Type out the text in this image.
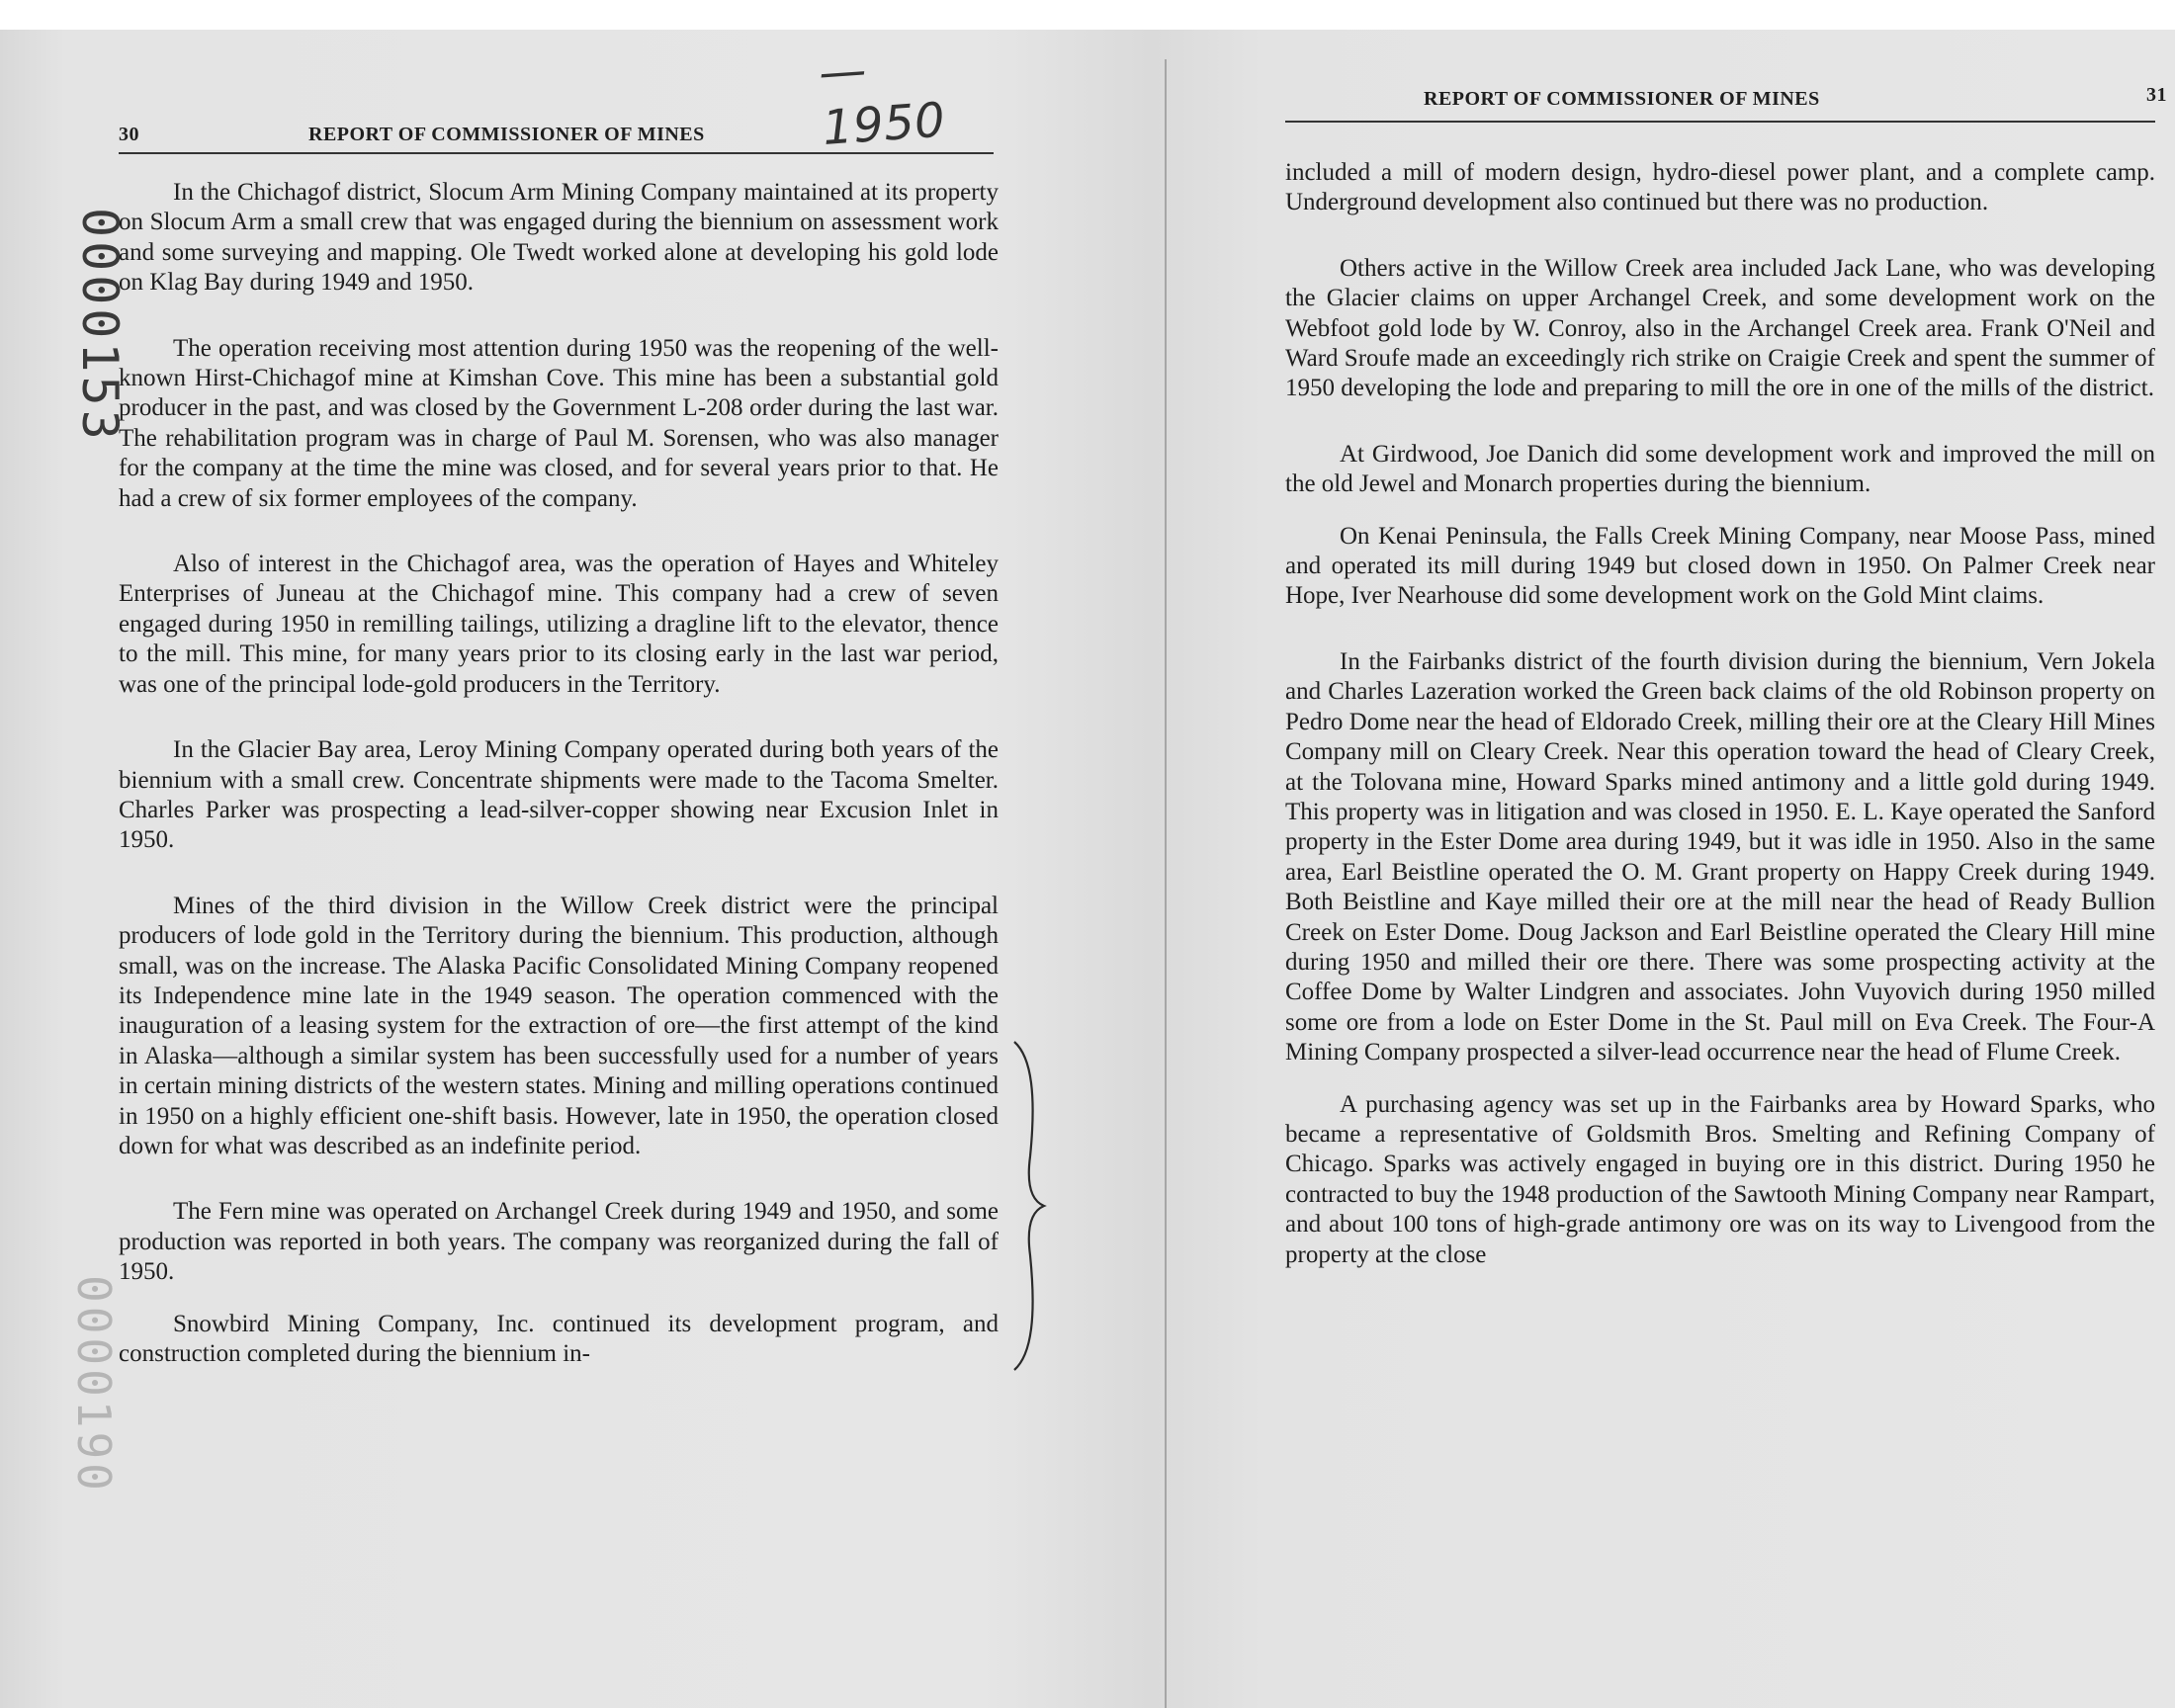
0000153
0000190
30	REPORT OF COMMISSIONER OF MINES
— 1950

In the Chichagof district, Slocum Arm Mining Company maintained at its property on Slocum Arm a small crew that was engaged during the biennium on assessment work and some surveying and mapping. Ole Twedt worked alone at developing his gold lode on Klag Bay during 1949 and 1950.

The operation receiving most attention during 1950 was the reopening of the well-known Hirst-Chichagof mine at Kimshan Cove. This mine has been a substantial gold producer in the past, and was closed by the Government L-208 order during the last war. The rehabilitation program was in charge of Paul M. Sorensen, who was also manager for the company at the time the mine was closed, and for several years prior to that. He had a crew of six former employees of the company.

Also of interest in the Chichagof area, was the operation of Hayes and Whiteley Enterprises of Juneau at the Chichagof mine. This company had a crew of seven engaged during 1950 in remilling tailings, utilizing a dragline lift to the elevator, thence to the mill. This mine, for many years prior to its closing early in the last war period, was one of the principal lode-gold producers in the Territory.

In the Glacier Bay area, Leroy Mining Company operated during both years of the biennium with a small crew. Concentrate shipments were made to the Tacoma Smelter. Charles Parker was prospecting a lead-silver-copper showing near Excusion Inlet in 1950.

Mines of the third division in the Willow Creek district were the principal producers of lode gold in the Territory during the biennium. This production, although small, was on the increase. The Alaska Pacific Consolidated Mining Company reopened its Independence mine late in the 1949 season. The operation commenced with the inauguration of a leasing system for the extraction of ore—the first attempt of the kind in Alaska—although a similar system has been successfully used for a number of years in certain mining districts of the western states. Mining and milling operations continued in 1950 on a highly efficient one-shift basis. However, late in 1950, the operation closed down for what was described as an indefinite period.

The Fern mine was operated on Archangel Creek during 1949 and 1950, and some production was reported in both years. The company was reorganized during the fall of 1950.

Snowbird Mining Company, Inc. continued its development program, and construction completed during the biennium in-

REPORT OF COMMISSIONER OF MINES	31

included a mill of modern design, hydro-diesel power plant, and a complete camp. Underground development also continued but there was no production.

Others active in the Willow Creek area included Jack Lane, who was developing the Glacier claims on upper Archangel Creek, and some development work on the Webfoot gold lode by W. Conroy, also in the Archangel Creek area. Frank O'Neil and Ward Sroufe made an exceedingly rich strike on Craigie Creek and spent the summer of 1950 developing the lode and preparing to mill the ore in one of the mills of the district.

At Girdwood, Joe Danich did some development work and improved the mill on the old Jewel and Monarch properties during the biennium.

On Kenai Peninsula, the Falls Creek Mining Company, near Moose Pass, mined and operated its mill during 1949 but closed down in 1950. On Palmer Creek near Hope, Iver Nearhouse did some development work on the Gold Mint claims.

In the Fairbanks district of the fourth division during the biennium, Vern Jokela and Charles Lazeration worked the Green back claims of the old Robinson property on Pedro Dome near the head of Eldorado Creek, milling their ore at the Cleary Hill Mines Company mill on Cleary Creek. Near this operation toward the head of Cleary Creek, at the Tolovana mine, Howard Sparks mined antimony and a little gold during 1949. This property was in litigation and was closed in 1950. E. L. Kaye operated the Sanford property in the Ester Dome area during 1949, but it was idle in 1950. Also in the same area, Earl Beistline operated the O. M. Grant property on Happy Creek during 1949. Both Beistline and Kaye milled their ore at the mill near the head of Ready Bullion Creek on Ester Dome. Doug Jackson and Earl Beistline operated the Cleary Hill mine during 1950 and milled their ore there. There was some prospecting activity at the Coffee Dome by Walter Lindgren and associates. John Vuyovich during 1950 milled some ore from a lode on Ester Dome in the St. Paul mill on Eva Creek. The Four-A Mining Company prospected a silver-lead occurrence near the head of Flume Creek.

A purchasing agency was set up in the Fairbanks area by Howard Sparks, who became a representative of Goldsmith Bros. Smelting and Refining Company of Chicago. Sparks was actively engaged in buying ore in this district. During 1950 he contracted to buy the 1948 production of the Sawtooth Mining Company near Rampart, and about 100 tons of high-grade antimony ore was on its way to Livengood from the property at the close
